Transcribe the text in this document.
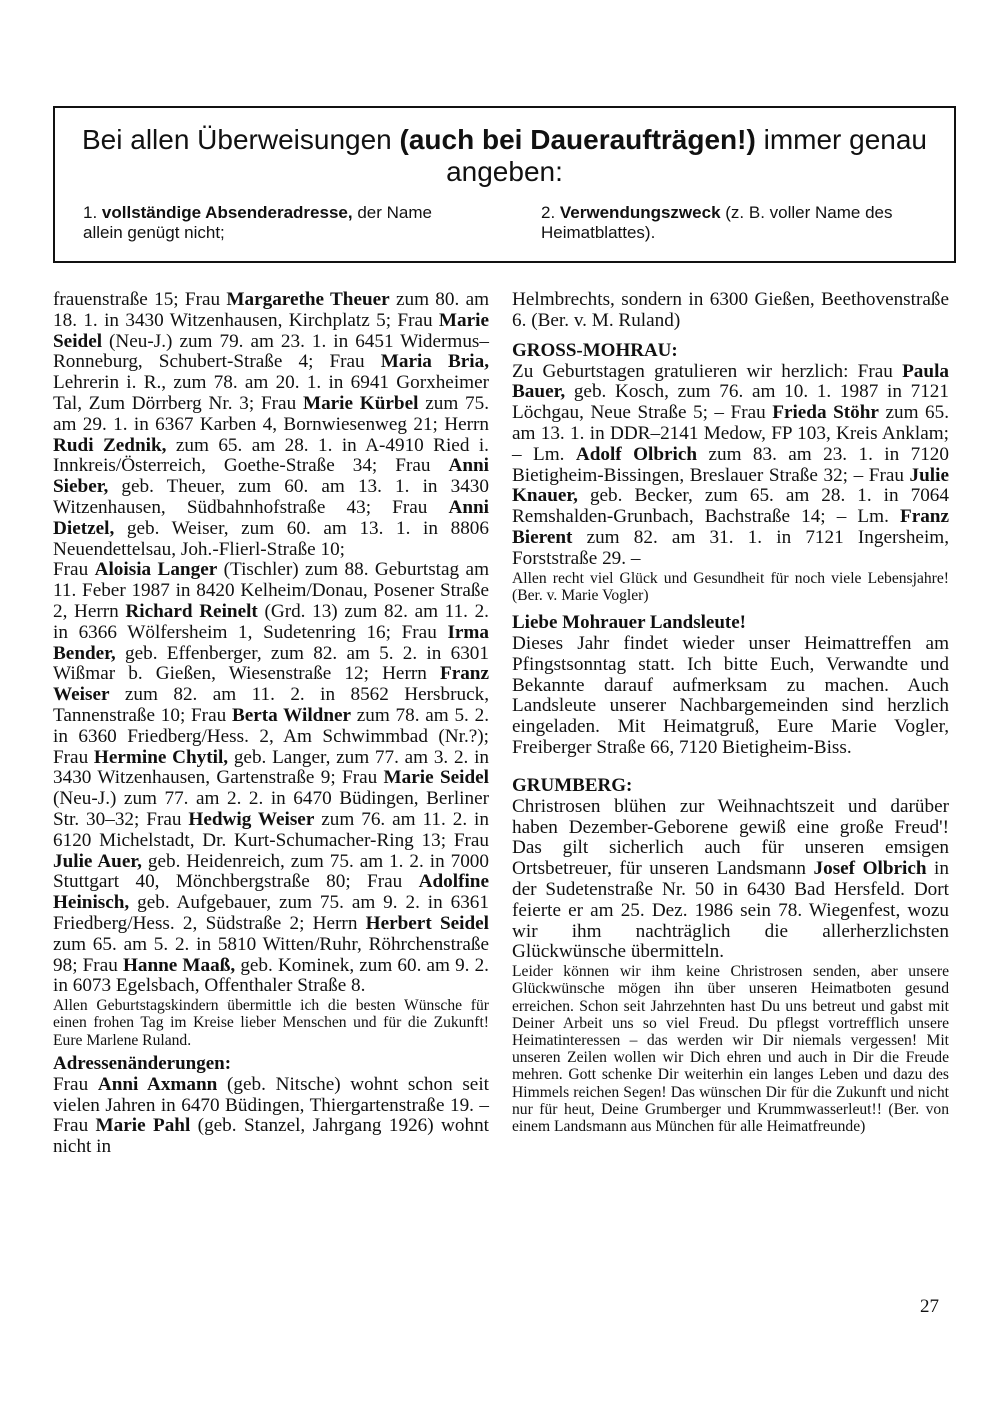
Bei allen Überweisungen (auch bei Daueraufträgen!) immer genau angeben:
1. vollständige Absenderadresse, der Name allein genügt nicht;
2. Verwendungszweck (z. B. voller Name des Heimatblattes).

frauenstraße 15; Frau Margarethe Theuer zum 80. am 18. 1. in 3430 Witzenhausen, Kirchplatz 5; Frau Marie Seidel (Neu-J.) zum 79. am 23. 1. in 6451 Widermus–Ronneburg, Schubert-Straße 4; Frau Maria Bria, Lehrerin i. R., zum 78. am 20. 1. in 6941 Gorxheimer Tal, Zum Dörrberg Nr. 3; Frau Marie Kürbel zum 75. am 29. 1. in 6367 Karben 4, Bornwiesenweg 21; Herrn Rudi Zednik, zum 65. am 28. 1. in A-4910 Ried i. Innkreis/Österreich, Goethe-Straße 34; Frau Anni Sieber, geb. Theuer, zum 60. am 13. 1. in 3430 Witzenhausen, Südbahnhofstraße 43; Frau Anni Dietzel, geb. Weiser, zum 60. am 13. 1. in 8806 Neuendettelsau, Joh.-Flierl-Straße 10;

Frau Aloisia Langer (Tischler) zum 88. Geburtstag am 11. Feber 1987 in 8420 Kelheim/Donau, Posener Straße 2, Herrn Richard Reinelt (Grd. 13) zum 82. am 11. 2. in 6366 Wölfersheim 1, Sudetenring 16; Frau Irma Bender, geb. Effenberger, zum 82. am 5. 2. in 6301 Wißmar b. Gießen, Wiesenstraße 12; Herrn Franz Weiser zum 82. am 11. 2. in 8562 Hersbruck, Tannenstraße 10; Frau Berta Wildner zum 78. am 5. 2. in 6360 Friedberg/Hess. 2, Am Schwimmbad (Nr.?); Frau Hermine Chytil, geb. Langer, zum 77. am 3. 2. in 3430 Witzenhausen, Gartenstraße 9; Frau Marie Seidel (Neu-J.) zum 77. am 2. 2. in 6470 Büdingen, Berliner Str. 30–32; Frau Hedwig Weiser zum 76. am 11. 2. in 6120 Michelstadt, Dr. Kurt-Schumacher-Ring 13; Frau Julie Auer, geb. Heidenreich, zum 75. am 1. 2. in 7000 Stuttgart 40, Mönchbergstraße 80; Frau Adolfine Heinisch, geb. Aufgebauer, zum 75. am 9. 2. in 6361 Friedberg/Hess. 2, Südstraße 2; Herrn Herbert Seidel zum 65. am 5. 2. in 5810 Witten/Ruhr, Röhrchenstraße 98; Frau Hanne Maaß, geb. Kominek, zum 60. am 9. 2. in 6073 Egelsbach, Offenthaler Straße 8.

Allen Geburtstagskindern übermittle ich die besten Wünsche für einen frohen Tag im Kreise lieber Menschen und für die Zukunft! Eure Marlene Ruland.

Adressenänderungen:

Frau Anni Axmann (geb. Nitsche) wohnt schon seit vielen Jahren in 6470 Büdingen, Thiergartenstraße 19. – Frau Marie Pahl (geb. Stanzel, Jahrgang 1926) wohnt nicht in

Helmbrechts, sondern in 6300 Gießen, Beethovenstraße 6. (Ber. v. M. Ruland)

GROSS-MOHRAU:

Zu Geburtstagen gratulieren wir herzlich: Frau Paula Bauer, geb. Kosch, zum 76. am 10. 1. 1987 in 7121 Löchgau, Neue Straße 5; – Frau Frieda Stöhr zum 65. am 13. 1. in DDR–2141 Medow, FP 103, Kreis Anklam; – Lm. Adolf Olbrich zum 83. am 23. 1. in 7120 Bietigheim-Bissingen, Breslauer Straße 32; – Frau Julie Knauer, geb. Becker, zum 65. am 28. 1. in 7064 Remshalden-Grunbach, Bachstraße 14; – Lm. Franz Bierent zum 82. am 31. 1. in 7121 Ingersheim, Forststraße 29. –

Allen recht viel Glück und Gesundheit für noch viele Lebensjahre! (Ber. v. Marie Vogler)

Liebe Mohrauer Landsleute!

Dieses Jahr findet wieder unser Heimattreffen am Pfingstsonntag statt. Ich bitte Euch, Verwandte und Bekannte darauf aufmerksam zu machen. Auch Landsleute unserer Nachbargemeinden sind herzlich eingeladen. Mit Heimatgruß, Eure Marie Vogler, Freiberger Straße 66, 7120 Bietigheim-Biss.

GRUMBERG:

Christrosen blühen zur Weihnachtszeit und darüber haben Dezember-Geborene gewiß eine große Freud'! Das gilt sicherlich auch für unseren emsigen Ortsbetreuer, für unseren Landsmann Josef Olbrich in der Sudetenstraße Nr. 50 in 6430 Bad Hersfeld. Dort feierte er am 25. Dez. 1986 sein 78. Wiegenfest, wozu wir ihm nachträglich die allerherzlichsten Glückwünsche übermitteln.

Leider können wir ihm keine Christrosen senden, aber unsere Glückwünsche mögen ihn über unseren Heimatboten gesund erreichen. Schon seit Jahrzehnten hast Du uns betreut und gabst mit Deiner Arbeit uns so viel Freud. Du pflegst vortrefflich unsere Heimatinteressen – das werden wir Dir niemals vergessen! Mit unseren Zeilen wollen wir Dich ehren und auch in Dir die Freude mehren. Gott schenke Dir weiterhin ein langes Leben und dazu des Himmels reichen Segen! Das wünschen Dir für die Zukunft und nicht nur für heut, Deine Grumberger und Krummwasserleut!! (Ber. von einem Landsmann aus München für alle Heimatfreunde)

27
